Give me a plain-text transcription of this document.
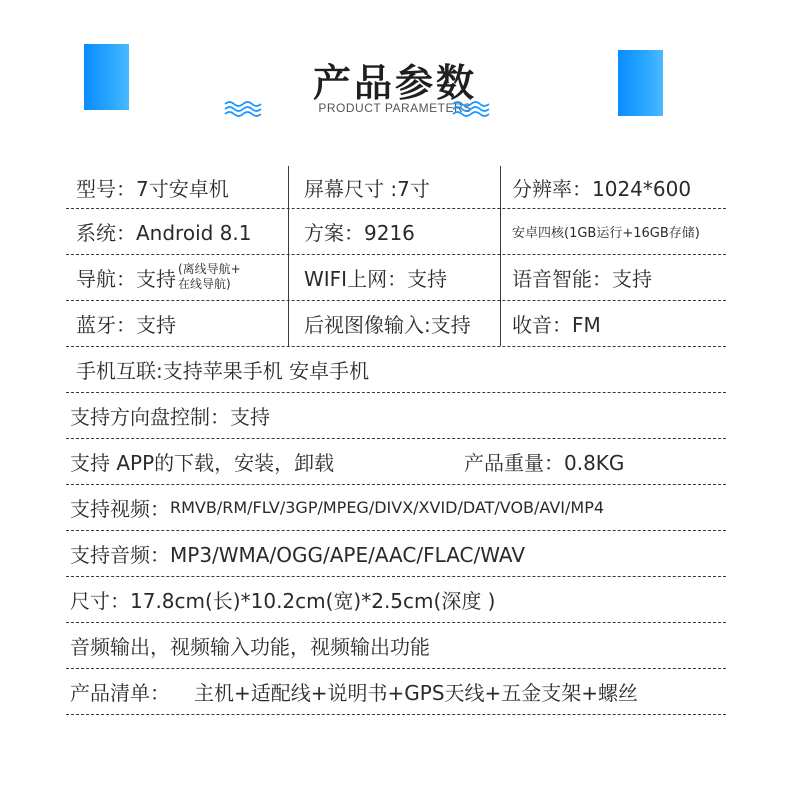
产品参数
PRODUCT PARAMETERS
型号：7寸安卓机	屏幕尺寸 :7寸	分辨率：1024*600
系统：Android 8.1	方案：9216	安卓四核(1GB运行+16GB存储)
导航：支持 (离线导航+
在线导航)	WIFI上网：支持	语音智能：支持
蓝牙：支持	后视图像输入:支持 收音：FM
手机互联:支持苹果手机 安卓手机
支持方向盘控制：支持
支持 APP的下载，安装，卸载	产品重量：0.8KG
支持视频： RMVB/RM/FLV/3GP/MPEG/DIVX/XVID/DAT/VOB/AVI/MP4
支持音频：MP3/WMA/OGG/APE/AAC/FLAC/WAV
尺寸：17.8cm(长)*10.2cm(宽)*2.5cm(深度 )
音频输出，视频输入功能，视频输出功能
产品清单： 主机+适配线+说明书+GPS天线+五金支架+螺丝
